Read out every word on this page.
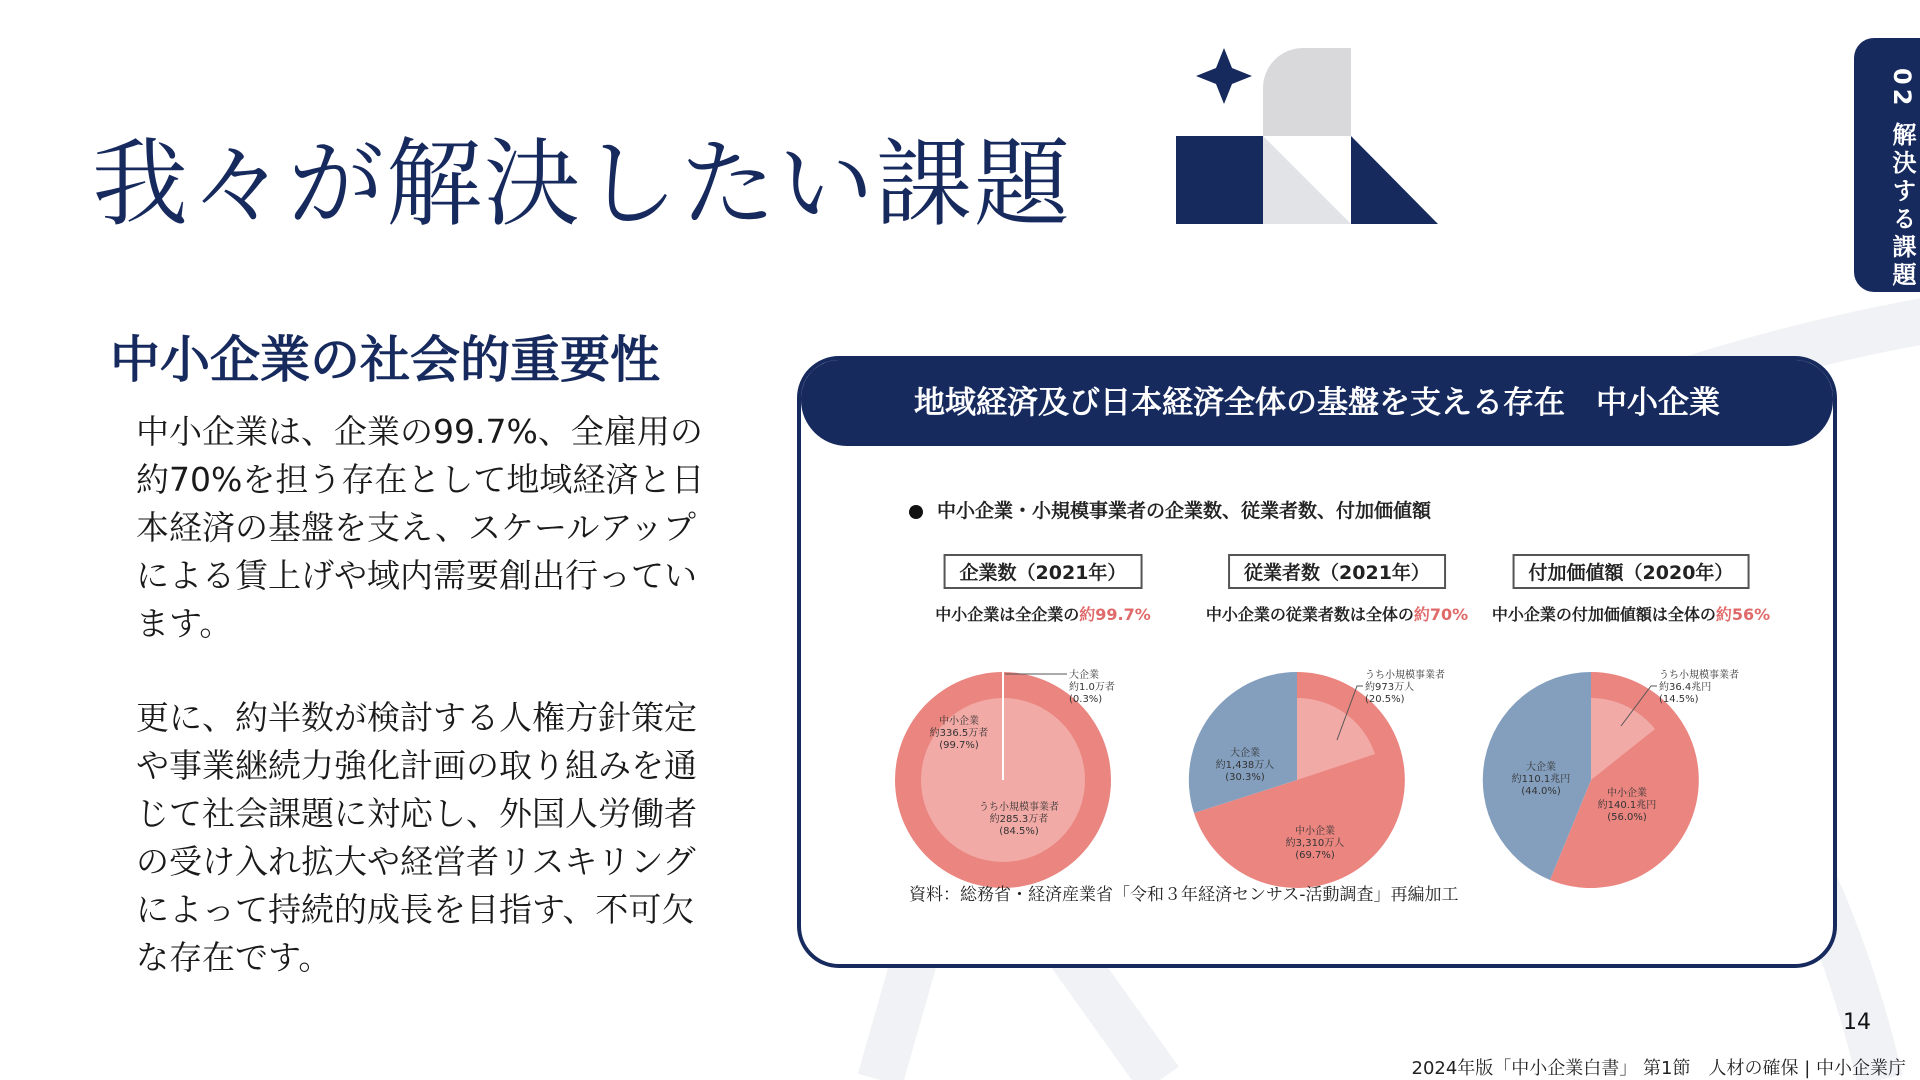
我々が解決したい課題	02 解決する課題
中小企業の社会的重要性

中小企業は、企業の99.7%、全雇用の約70%を担う存在として地域経済と日本経済の基盤を支え、スケールアップによる賃上げや域内需要創出行っています。

更に、約半数が検討する人権方針策定や事業継続力強化計画の取り組みを通じて社会課題に対応し、外国人労働者の受け入れ拡大や経営者リスキリングによって持続的成長を目指す、不可欠な存在です。

地域経済及び日本経済全体の基盤を支える存在　中小企業
中小企業・小規模事業者の企業数、従業者数、付加価値額
企業数（2021年）
中小企業は全企業の約99.7%
中小企業
約336.5万者
(99.7%)
うち小規模事業者
約285.3万者
(84.5%)
大企業
約1.0万者
(0.3%)
従業者数（2021年）
中小企業の従業者数は全体の約70%
大企業
約1,438万人
(30.3%)
中小企業
約3,310万人
(69.7%)
うち小規模事業者
約973万人
(20.5%)
付加価値額（2020年）
中小企業の付加価値額は全体の約56%
大企業
約110.1兆円
(44.0%)	中小企業
約140.1兆円
(56.0%)
うち小規模事業者
約36.4兆円
(14.5%)
資料：総務省・経済産業省「令和３年経済センサス‐活動調査」再編加工
14
2024年版「中小企業白書」 第1節　人材の確保 | 中小企業庁
